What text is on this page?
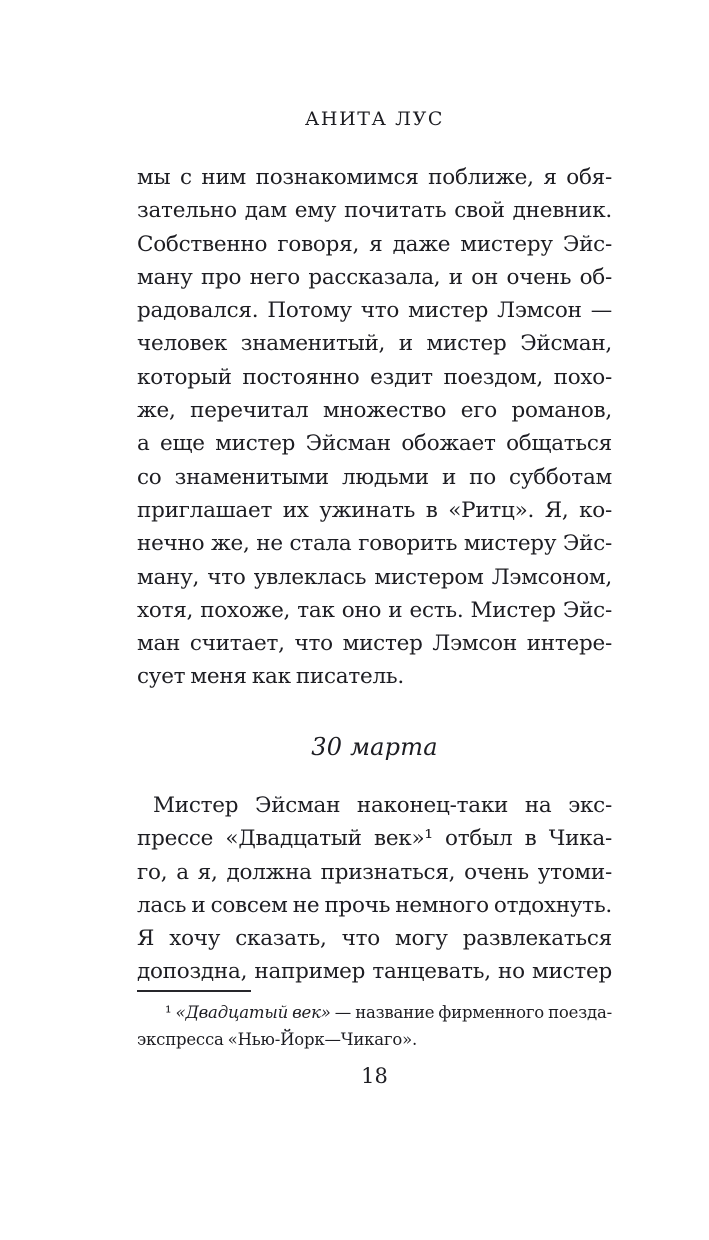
АНИТА ЛУС
мы с ним познакомимся поближе, я обя-
зательно дам ему почитать свой дневник.
Собственно говоря, я даже мистеру Эйс-
ману про него рассказала, и он очень об-
радовался. Потому что мистер Лэмсон —
человек знаменитый, и мистер Эйсман,
который постоянно ездит поездом, похо-
же, перечитал множество его романов,
а еще мистер Эйсман обожает общаться
со знаменитыми людьми и по субботам
приглашает их ужинать в «Ритц». Я, ко-
нечно же, не стала говорить мистеру Эйс-
ману, что увлеклась мистером Лэмсоном,
хотя, похоже, так оно и есть. Мистер Эйс-
ман считает, что мистер Лэмсон интере-
сует меня как писатель.
30 марта
Мистер Эйсман наконец-таки на экс-
прессе «Двадцатый век»¹ отбыл в Чика-
го, а я, должна признаться, очень утоми-
лась и совсем не прочь немного отдохнуть.
Я хочу сказать, что могу развлекаться
допоздна, например танцевать, но мистер
¹ «Двадцатый век» — название фирменного поезда-
экспресса «Нью-Йорк—Чикаго».
18
